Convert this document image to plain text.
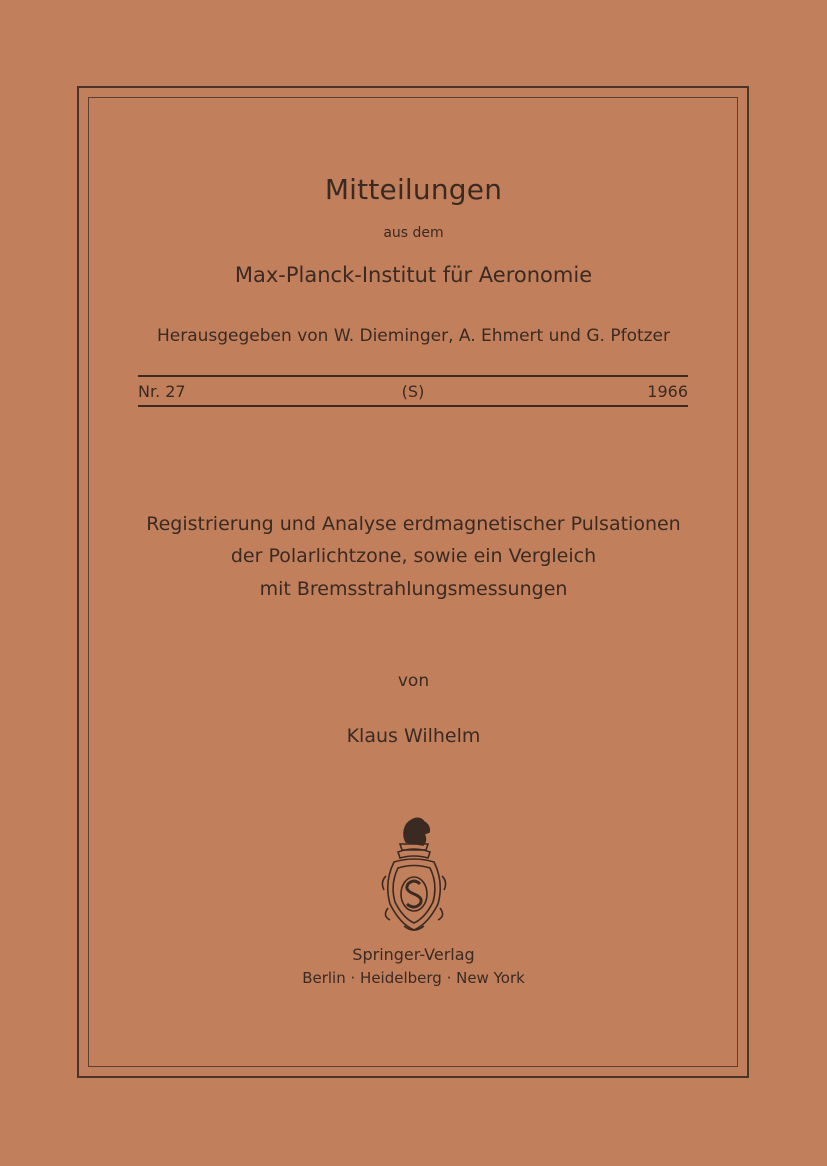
Mitteilungen
aus dem
Max-Planck-Institut für Aeronomie
Herausgegeben von W. Dieminger, A. Ehmert und G. Pfotzer
Nr. 27	(S)	1966
Registrierung und Analyse erdmagnetischer Pulsationen
der Polarlichtzone, sowie ein Vergleich
mit Bremsstrahlungsmessungen
von
Klaus Wilhelm
Springer-Verlag
Berlin · Heidelberg · New York
